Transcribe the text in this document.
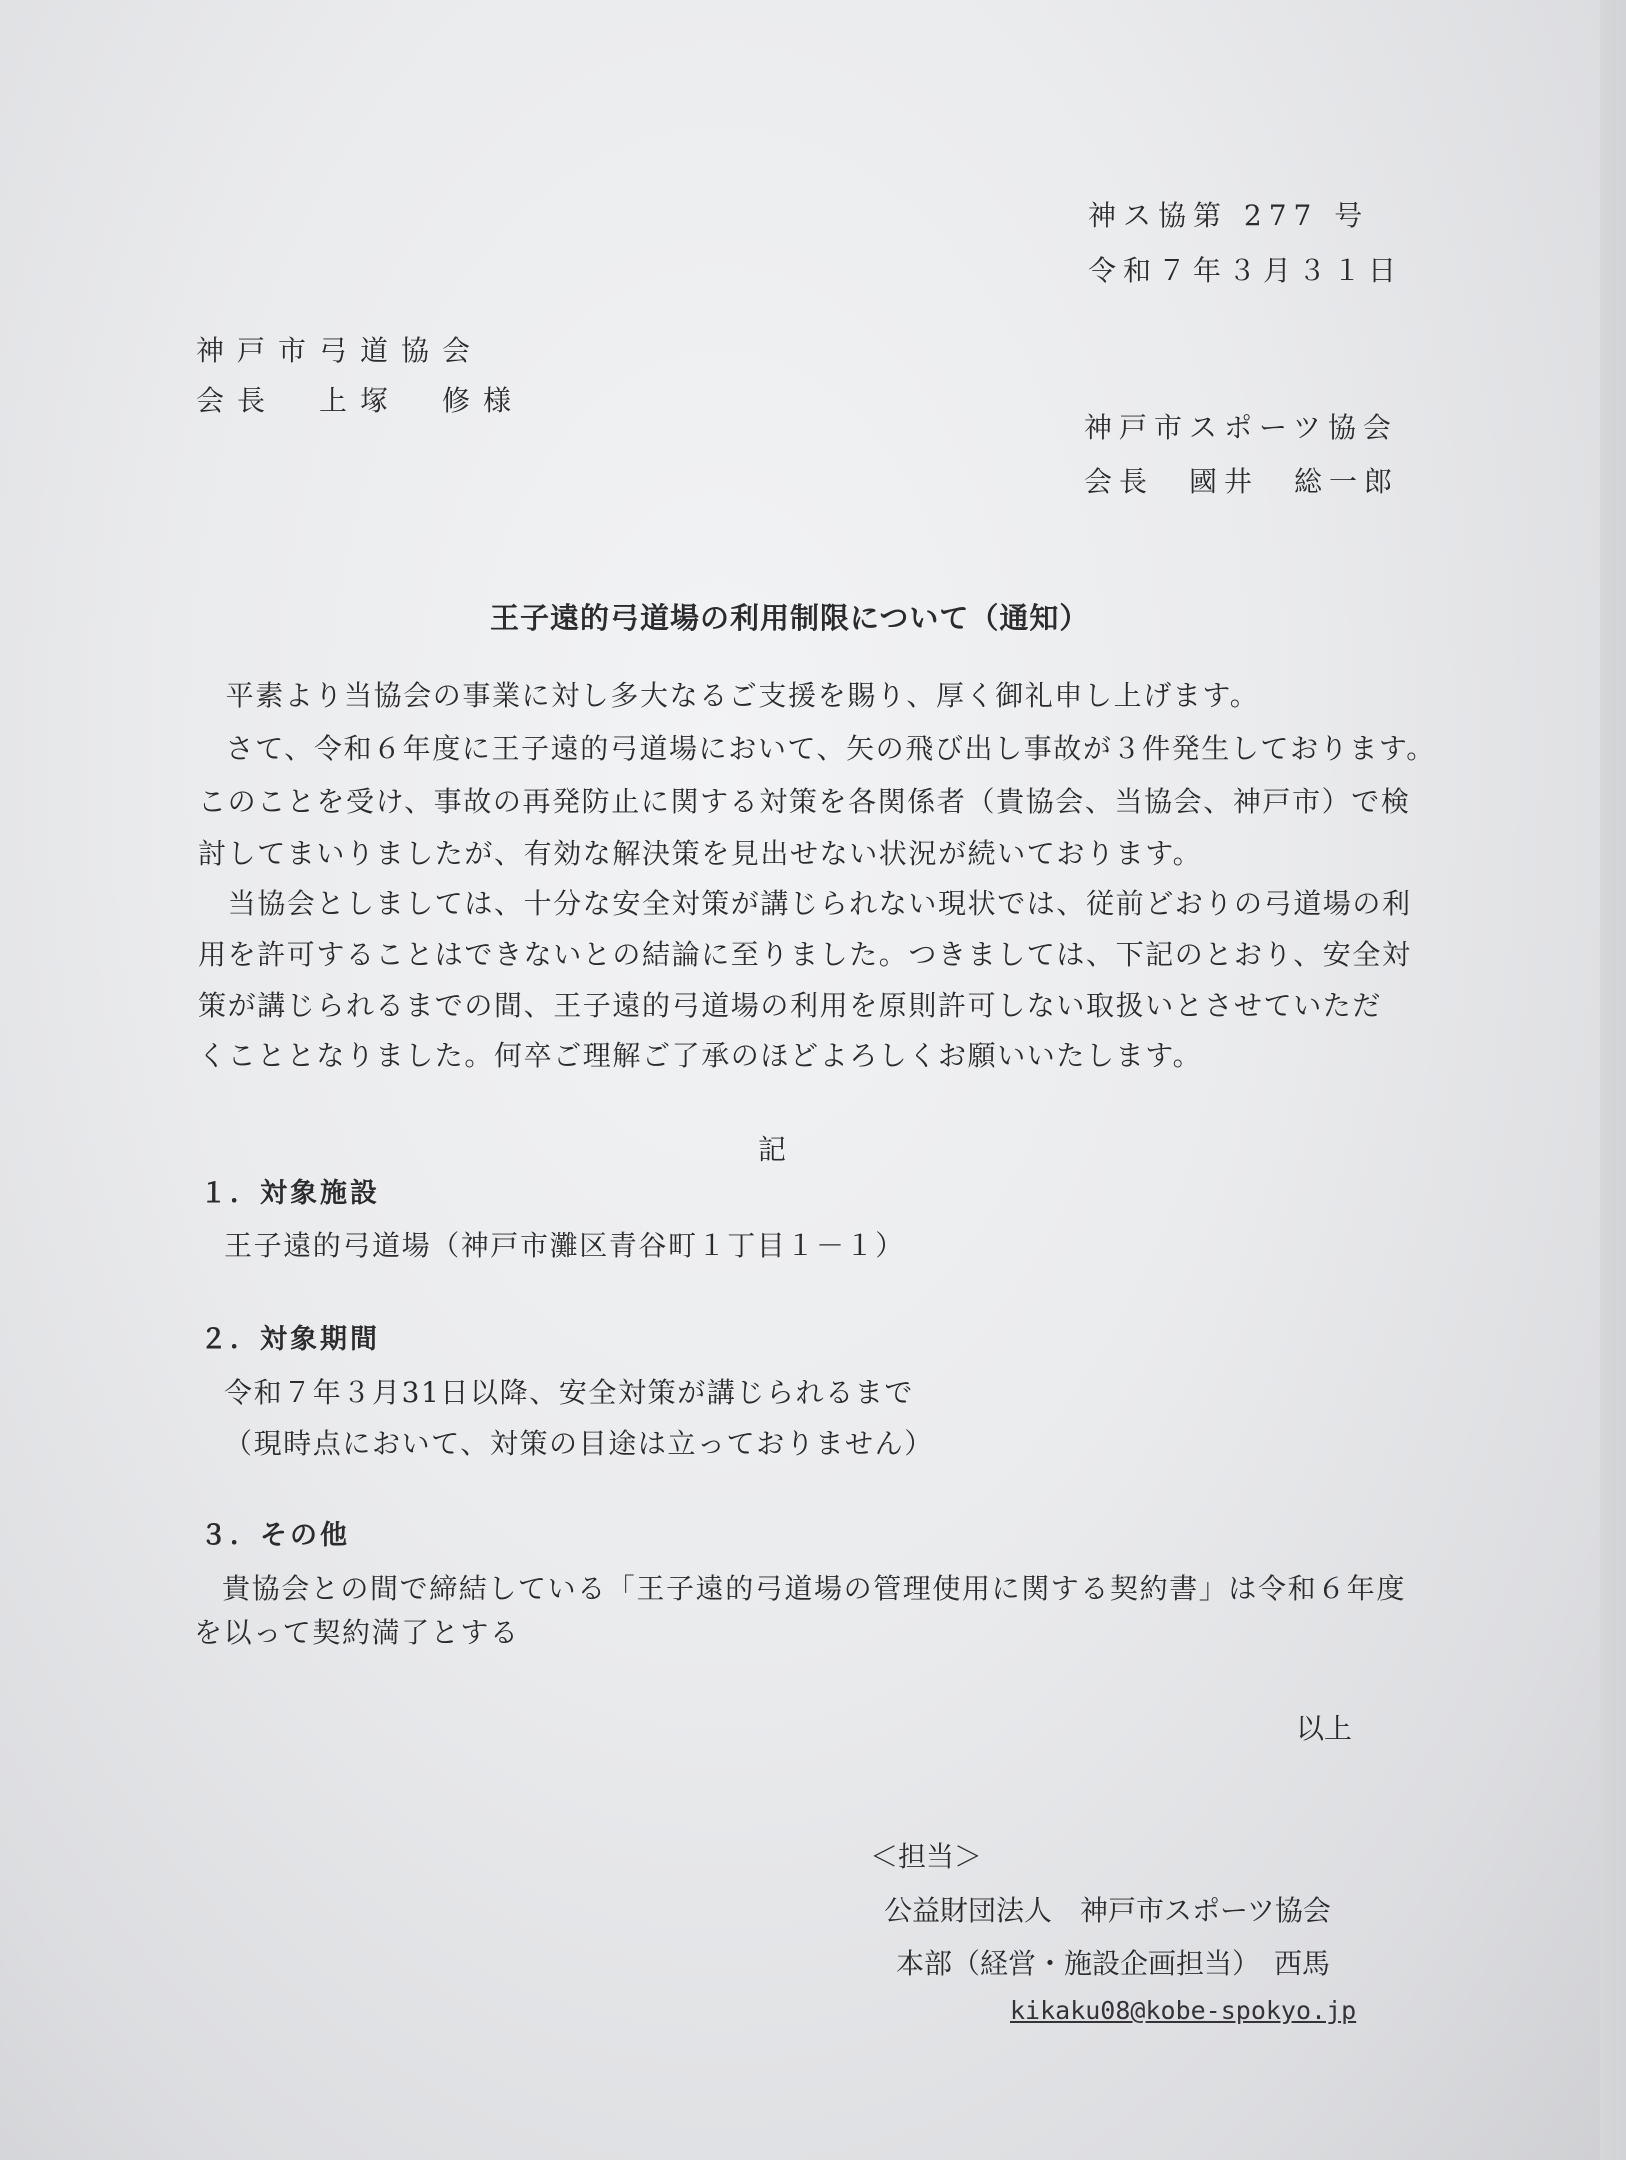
神ス協第 277 号
令和７年３月３１日
神戸市弓道協会
会長　上塚　修様
神戸市スポーツ協会
会長　國井　総一郎
王子遠的弓道場の利用制限について（通知）
　平素より当協会の事業に対し多大なるご支援を賜り、厚く御礼申し上げます。
　さて、令和６年度に王子遠的弓道場において、矢の飛び出し事故が３件発生しております。
このことを受け、事故の再発防止に関する対策を各関係者（貴協会、当協会、神戸市）で検
討してまいりましたが、有効な解決策を見出せない状況が続いております。
　当協会としましては、十分な安全対策が講じられない現状では、従前どおりの弓道場の利
用を許可することはできないとの結論に至りました。つきましては、下記のとおり、安全対
策が講じられるまでの間、王子遠的弓道場の利用を原則許可しない取扱いとさせていただ
くこととなりました。何卒ご理解ご了承のほどよろしくお願いいたします。
記
１．対象施設
王子遠的弓道場（神戸市灘区青谷町１丁目１－１）
２．対象期間
令和７年３月31日以降、安全対策が講じられるまで
（現時点において、対策の目途は立っておりません）
３．その他
貴協会との間で締結している「王子遠的弓道場の管理使用に関する契約書」は令和６年度
を以って契約満了とする
以上
＜担当＞
公益財団法人　神戸市スポーツ協会
本部（経営・施設企画担当）　西馬
kikaku08@kobe-spokyo.jp
